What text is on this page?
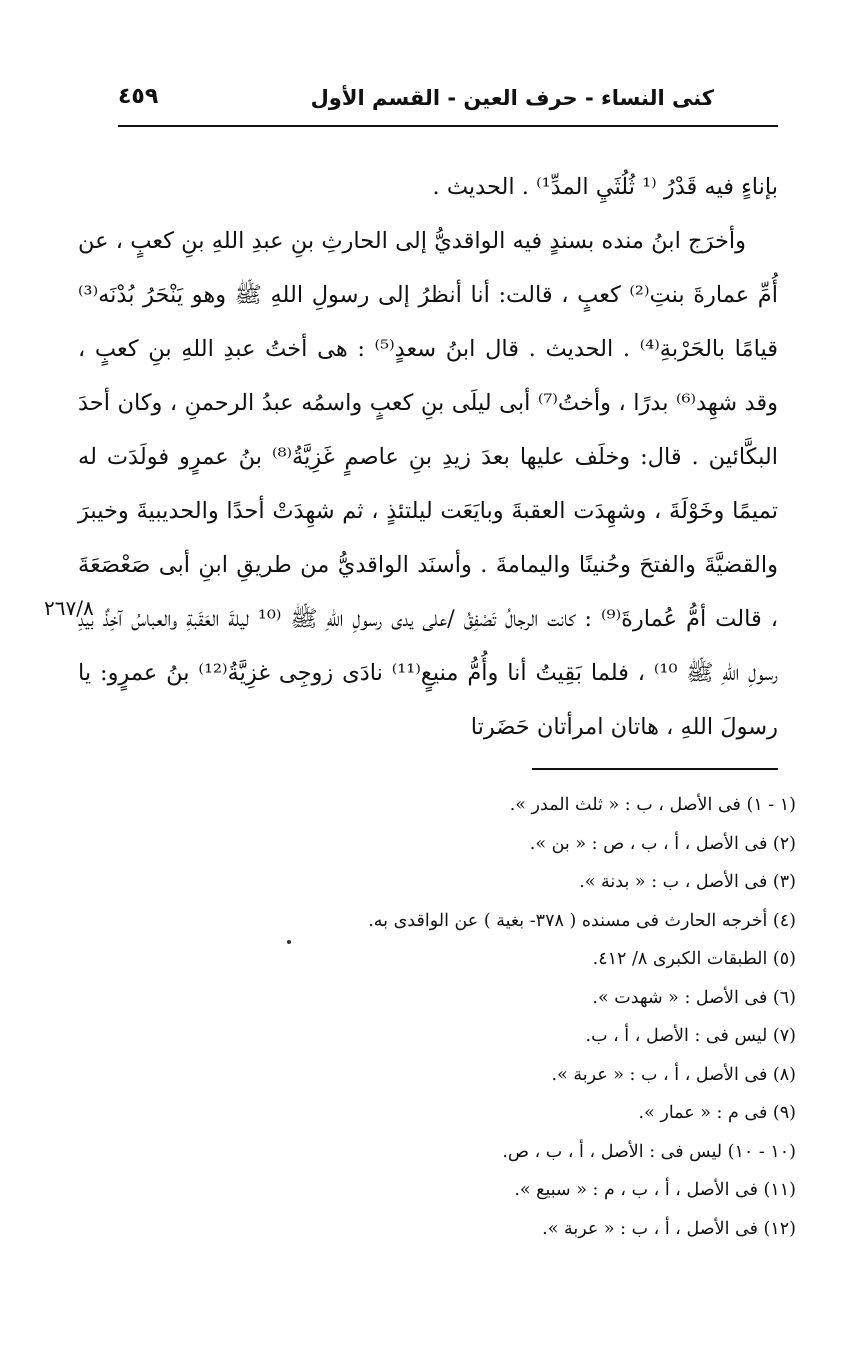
كنى النساء - حرف العين - القسم الأول
٤٥٩

بإناءٍ فيه قَدْرُ ⁽¹ ثُلُثَيِ المدِّ¹⁾ . الحديث .

وأخرَج ابنُ منده بسندٍ فيه الواقديُّ إلى الحارثِ بنِ عبدِ اللهِ بنِ كعبٍ ، عن أُمِّ عمارةَ بنتِ⁽²⁾ كعبٍ ، قالت: أنا أنظرُ إلى رسولِ اللهِ ﷺ وهو يَنْحَرُ بُدْنَه⁽³⁾ قيامًا بالحَرْبةِ⁽⁴⁾ . الحديث . قال ابنُ سعدٍ⁽⁵⁾ : هى أختُ عبدِ اللهِ بنِ كعبٍ ، وقد شهِد⁽⁶⁾ بدرًا ، وأختُ⁽⁷⁾ أبى ليلَى بنِ كعبٍ واسمُه عبدُ الرحمنِ ، وكان أحدَ البكَّائين . قال: وخلَف عليها بعدَ زيدِ بنِ عاصمٍ غَزِيَّةُ⁽⁸⁾ بنُ عمرٍو فولَدَت له تميمًا وخَوْلَةَ ، وشهِدَت العقبةَ وبايَعَت ليلتئذٍ ، ثم شهِدَتْ أحدًا والحديبيةَ وخيبرَ والقضيَّةَ والفتحَ وحُنينًا واليمامةَ . وأسنَد الواقديُّ من طريقِ ابنِ أبى صَعْصَعَةَ ، قالت أمُّ عُمارةَ⁽⁹⁾ : كانت الرجالُ تَصْفِقُ /على يدى رسولِ اللهِ ﷺ ⁽¹⁰ ليلةَ العَقَبةِ والعباسُ آخِذٌ بيدِ رسولِ اللهِ ﷺ ¹⁰⁾ ، فلما بَقِيتُ أنا وأُمُّ منيعٍ⁽¹¹⁾ نادَى زوجِى غزِيَّةُ⁽¹²⁾ بنُ عمرٍو: يا رسولَ اللهِ ، هاتان امرأتان حَضَرتا

٢٦٧/٨
(١ - ١) فى الأصل ، ب : « ثلث المدر ».
(٢) فى الأصل ، أ ، ب ، ص : « بن ».
(٣) فى الأصل ، ب : « بدنة ».
(٤) أخرجه الحارث فى مسنده ( ٣٧٨- بغية ) عن الواقدى به.
(٥) الطبقات الكبرى ٨/ ٤١٢.
(٦) فى الأصل : « شهدت ».
(٧) ليس فى : الأصل ، أ ، ب.
(٨) فى الأصل ، أ ، ب : « عربة ».
(٩) فى م : « عمار ».
(١٠ - ١٠) ليس فى : الأصل ، أ ، ب ، ص.
(١١) فى الأصل ، أ ، ب ، م : « سبيع ».
(١٢) فى الأصل ، أ ، ب : « عربة ».
